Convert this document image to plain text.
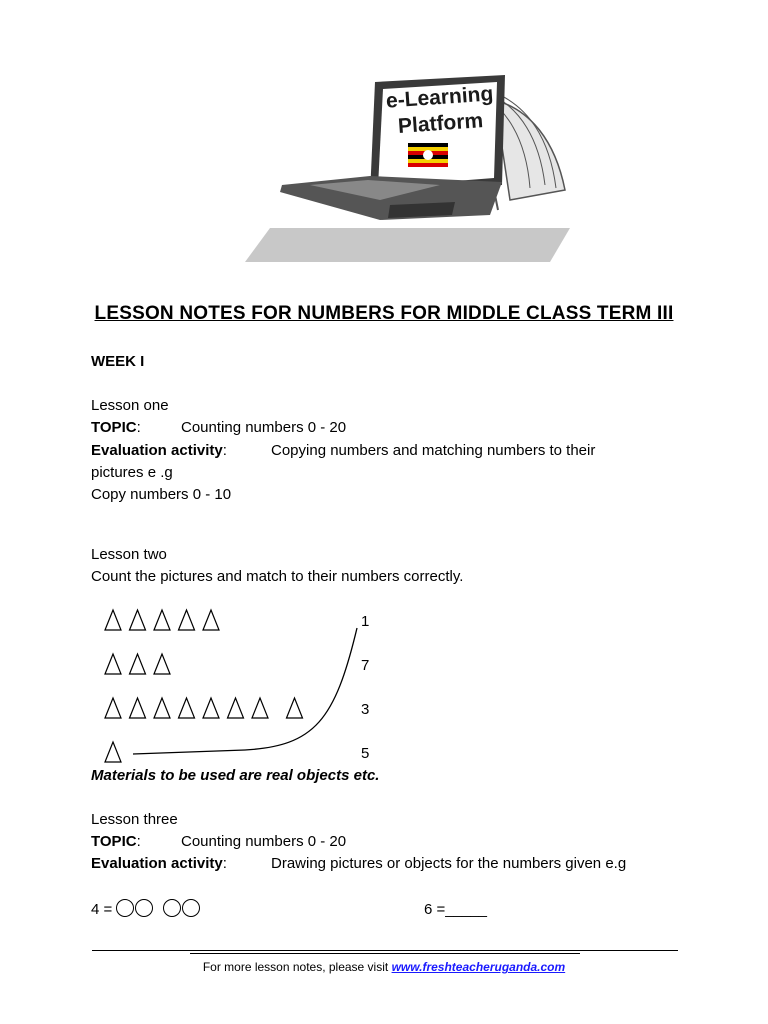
e-Learning
Platform
LESSON NOTES FOR NUMBERS FOR MIDDLE CLASS TERM III
WEEK I
Lesson one
TOPIC:	Counting numbers 0 - 20
Evaluation activity:	Copying numbers and matching numbers to their
pictures e .g
Copy numbers 0 - 10
Lesson two
Count the pictures and match to their numbers correctly.
1
7
3
5
Materials to be used are real objects etc.
Lesson three
TOPIC:	Counting numbers 0 - 20
Evaluation activity:	Drawing pictures or objects for the numbers given e.g
4 =	6 =_____
For more lesson notes, please visit www.freshteacheruganda.com
